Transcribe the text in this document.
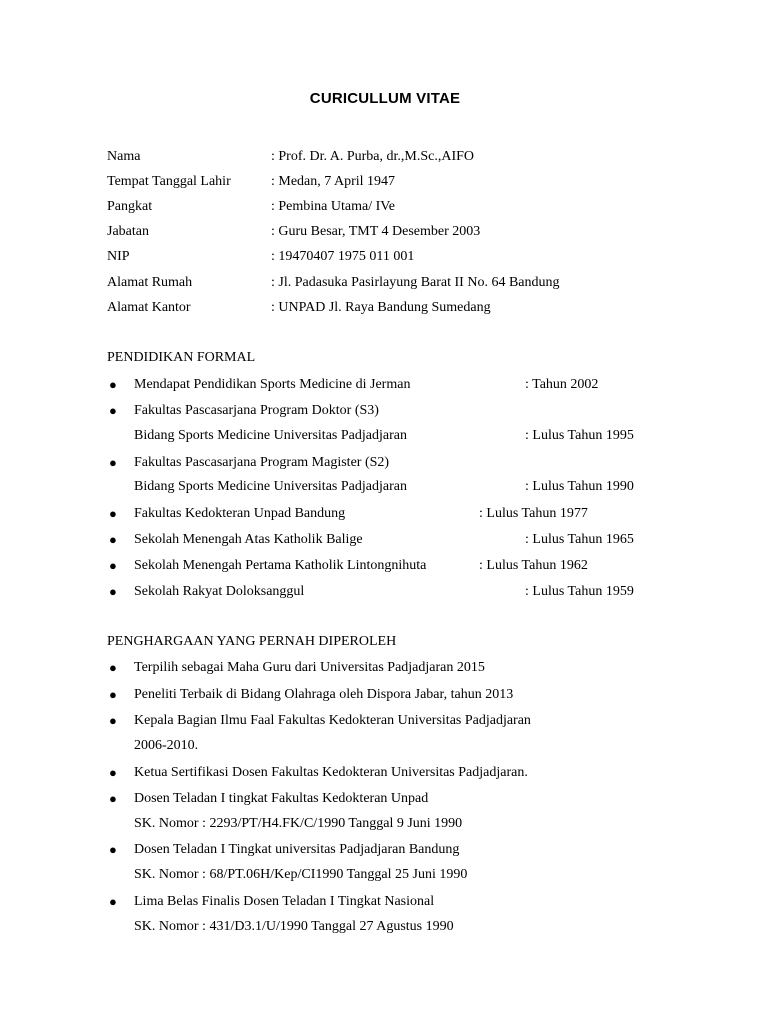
CURICULLUM VITAE
Nama	: Prof. Dr. A. Purba, dr.,M.Sc.,AIFO
Tempat Tanggal Lahir	: Medan, 7 April 1947
Pangkat	: Pembina Utama/ IVe
Jabatan	: Guru Besar, TMT 4 Desember 2003
NIP	: 19470407 1975 011 001
Alamat Rumah	: Jl. Padasuka Pasirlayung Barat II No. 64 Bandung
Alamat Kantor	: UNPAD Jl. Raya Bandung Sumedang
PENDIDIKAN FORMAL
● Mendapat Pendidikan Sports Medicine di Jerman	: Tahun 2002
● Fakultas Pascasarjana Program Doktor (S3)
Bidang Sports Medicine Universitas Padjadjaran	: Lulus Tahun 1995
● Fakultas Pascasarjana Program Magister (S2)
Bidang Sports Medicine Universitas Padjadjaran	: Lulus Tahun 1990
● Fakultas Kedokteran Unpad Bandung	: Lulus Tahun 1977
● Sekolah Menengah Atas Katholik Balige	: Lulus Tahun 1965
● Sekolah Menengah Pertama Katholik Lintongnihuta	: Lulus Tahun 1962
● Sekolah Rakyat Doloksanggul	: Lulus Tahun 1959
PENGHARGAAN YANG PERNAH DIPEROLEH
● Terpilih sebagai Maha Guru dari Universitas Padjadjaran 2015
● Peneliti Terbaik di Bidang Olahraga oleh Dispora Jabar, tahun 2013
● Kepala Bagian Ilmu Faal Fakultas Kedokteran Universitas Padjadjaran
2006-2010.
● Ketua Sertifikasi Dosen Fakultas Kedokteran Universitas Padjadjaran.
● Dosen Teladan I tingkat Fakultas Kedokteran Unpad
SK. Nomor : 2293/PT/H4.FK/C/1990 Tanggal 9 Juni 1990
● Dosen Teladan I Tingkat universitas Padjadjaran Bandung
SK. Nomor : 68/PT.06H/Kep/CI1990 Tanggal 25 Juni 1990
● Lima Belas Finalis Dosen Teladan I Tingkat Nasional
SK. Nomor : 431/D3.1/U/1990 Tanggal 27 Agustus 1990
